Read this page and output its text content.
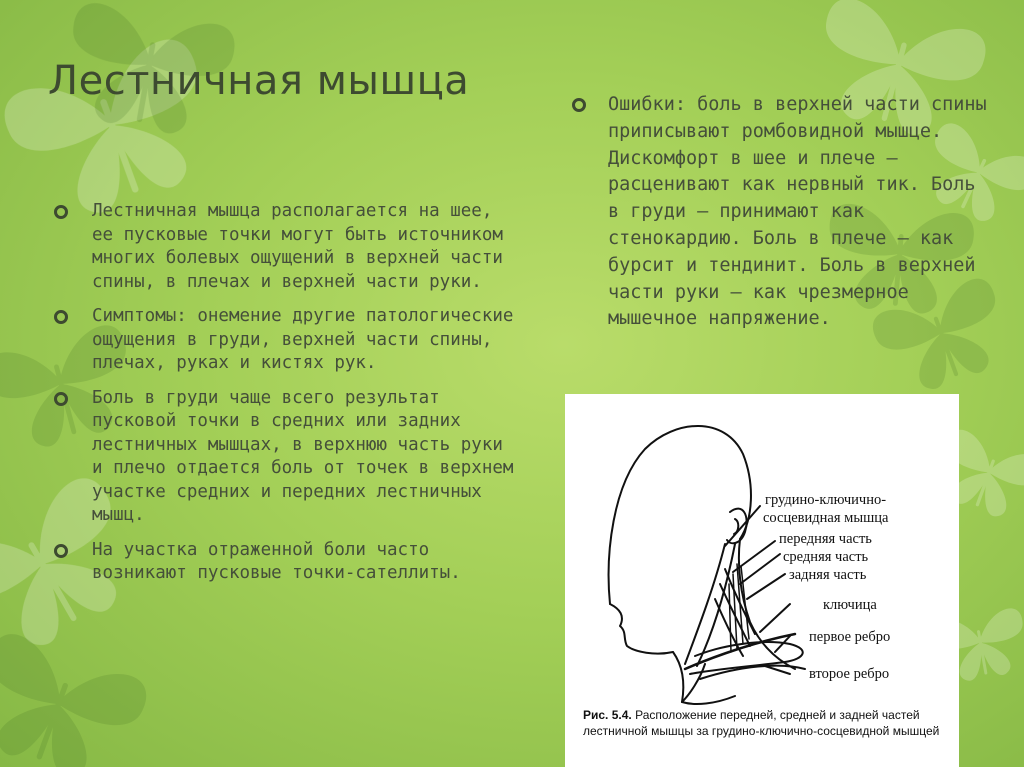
Лестничная мышца
Лестничная мышца располагается на шее, ее пусковые точки могут быть источником многих болевых ощущений в верхней части спины, в плечах и верхней части руки.
Симптомы: онемение другие патологические ощущения в груди, верхней части спины, плечах, руках и кистях рук.
Боль в груди чаще всего результат пусковой точки в средних или задних лестничных мышцах, в верхнюю часть руки и плечо отдается боль от точек в верхнем участке средних и передних лестничных мышц.
На участка отраженной боли часто возникают пусковые точки-сателлиты.
Ошибки: боль в верхней части спины приписывают ромбовидной мышце. Дискомфорт в шее и плече – расценивают как нервный тик. Боль в груди – принимают как стенокардию. Боль в плече – как бурсит и тендинит. Боль в верхней части руки – как чрезмерное мышечное напряжение.
грудино-ключично-
сосцевидная мышца
передняя часть
средняя часть
задняя часть
ключица
первое ребро
второе ребро
Рис. 5.4. Расположение передней, средней и задней частей лестничной мышцы за грудино-ключично-сосцевидной мышцей
